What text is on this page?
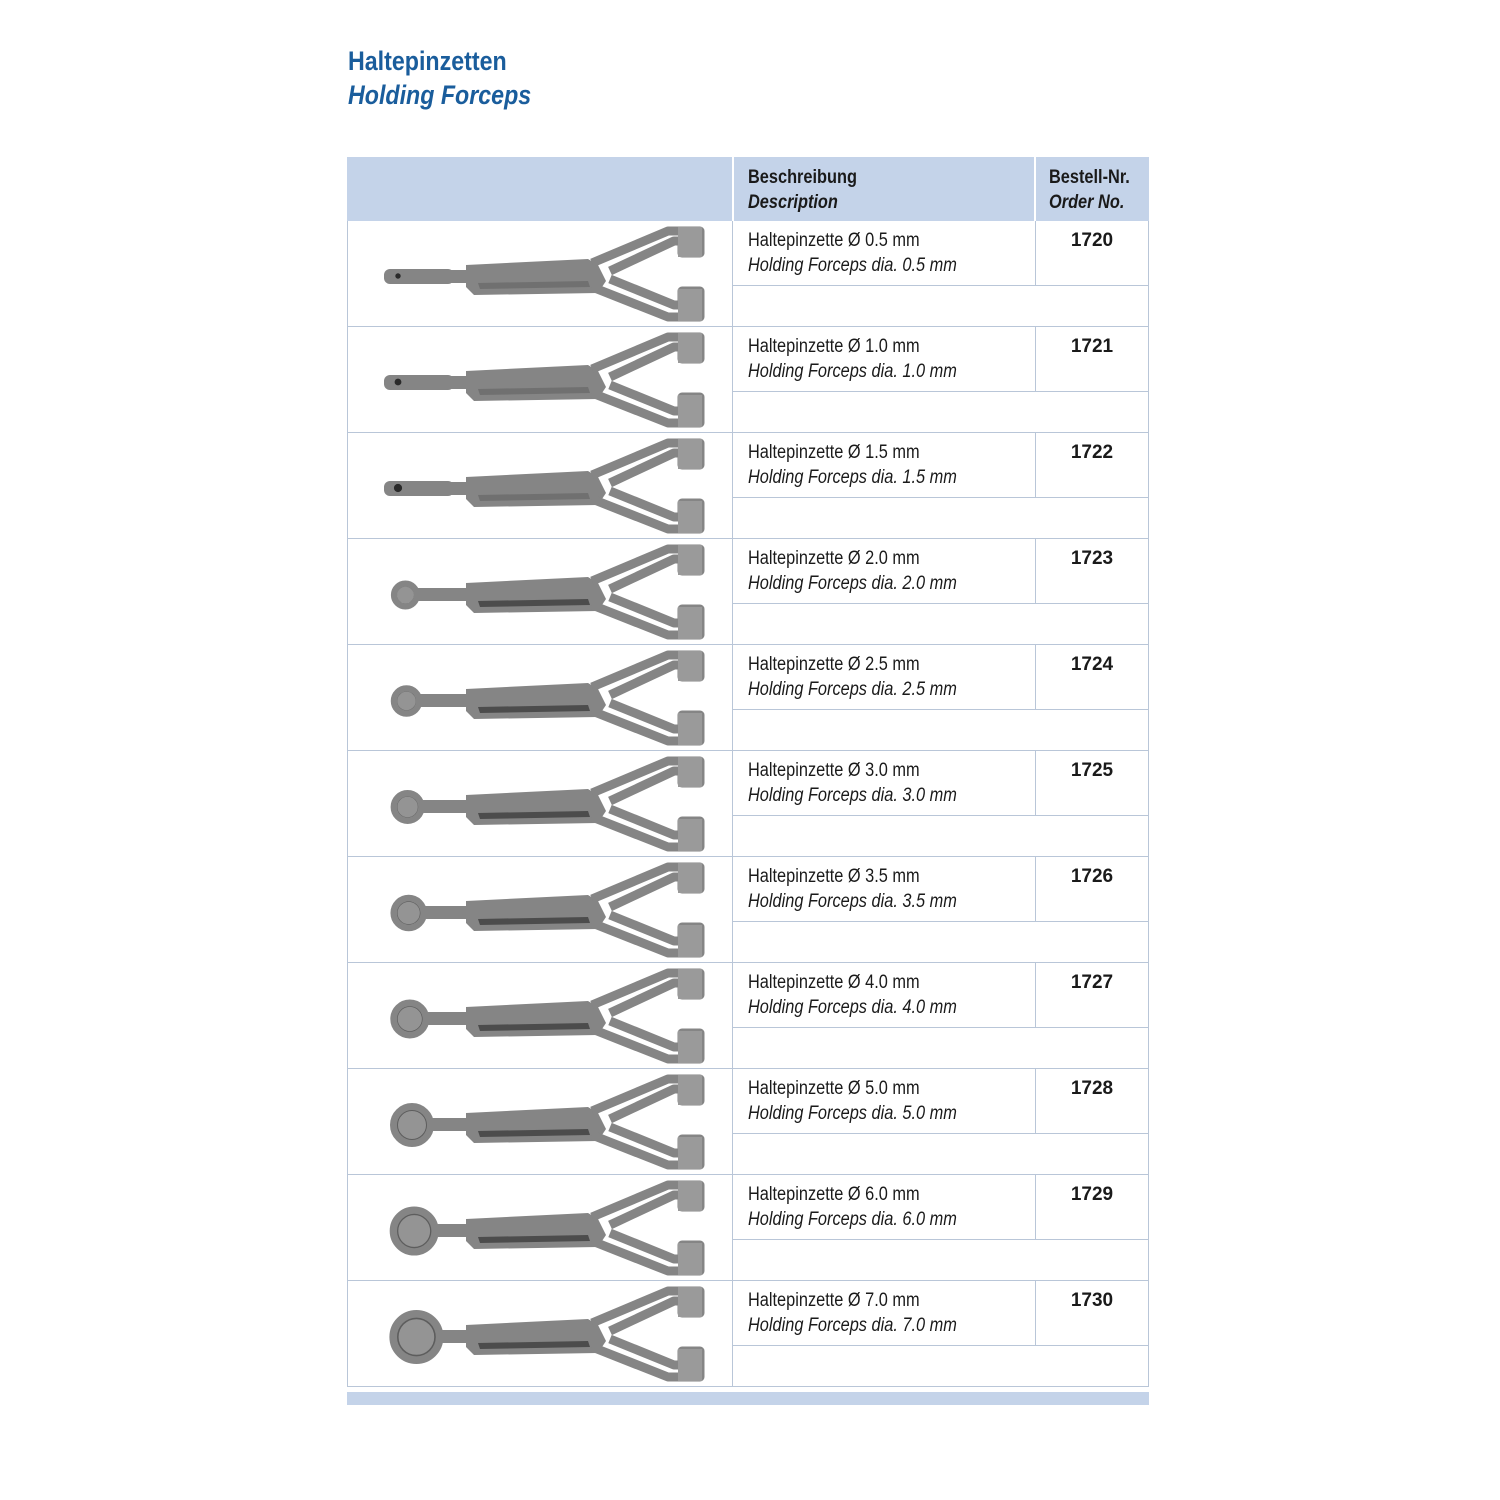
Haltepinzetten
Holding Forceps
Beschreibung
Description
Bestell-Nr.
Order No.
Haltepinzette Ø 0.5 mm
Holding Forceps dia. 0.5 mm
1720
Haltepinzette Ø 1.0 mm
Holding Forceps dia. 1.0 mm
1721
Haltepinzette Ø 1.5 mm
Holding Forceps dia. 1.5 mm
1722
Haltepinzette Ø 2.0 mm
Holding Forceps dia. 2.0 mm
1723
Haltepinzette Ø 2.5 mm
Holding Forceps dia. 2.5 mm
1724
Haltepinzette Ø 3.0 mm
Holding Forceps dia. 3.0 mm
1725
Haltepinzette Ø 3.5 mm
Holding Forceps dia. 3.5 mm
1726
Haltepinzette Ø 4.0 mm
Holding Forceps dia. 4.0 mm
1727
Haltepinzette Ø 5.0 mm
Holding Forceps dia. 5.0 mm
1728
Haltepinzette Ø 6.0 mm
Holding Forceps dia. 6.0 mm
1729
Haltepinzette Ø 7.0 mm
Holding Forceps dia. 7.0 mm
1730
